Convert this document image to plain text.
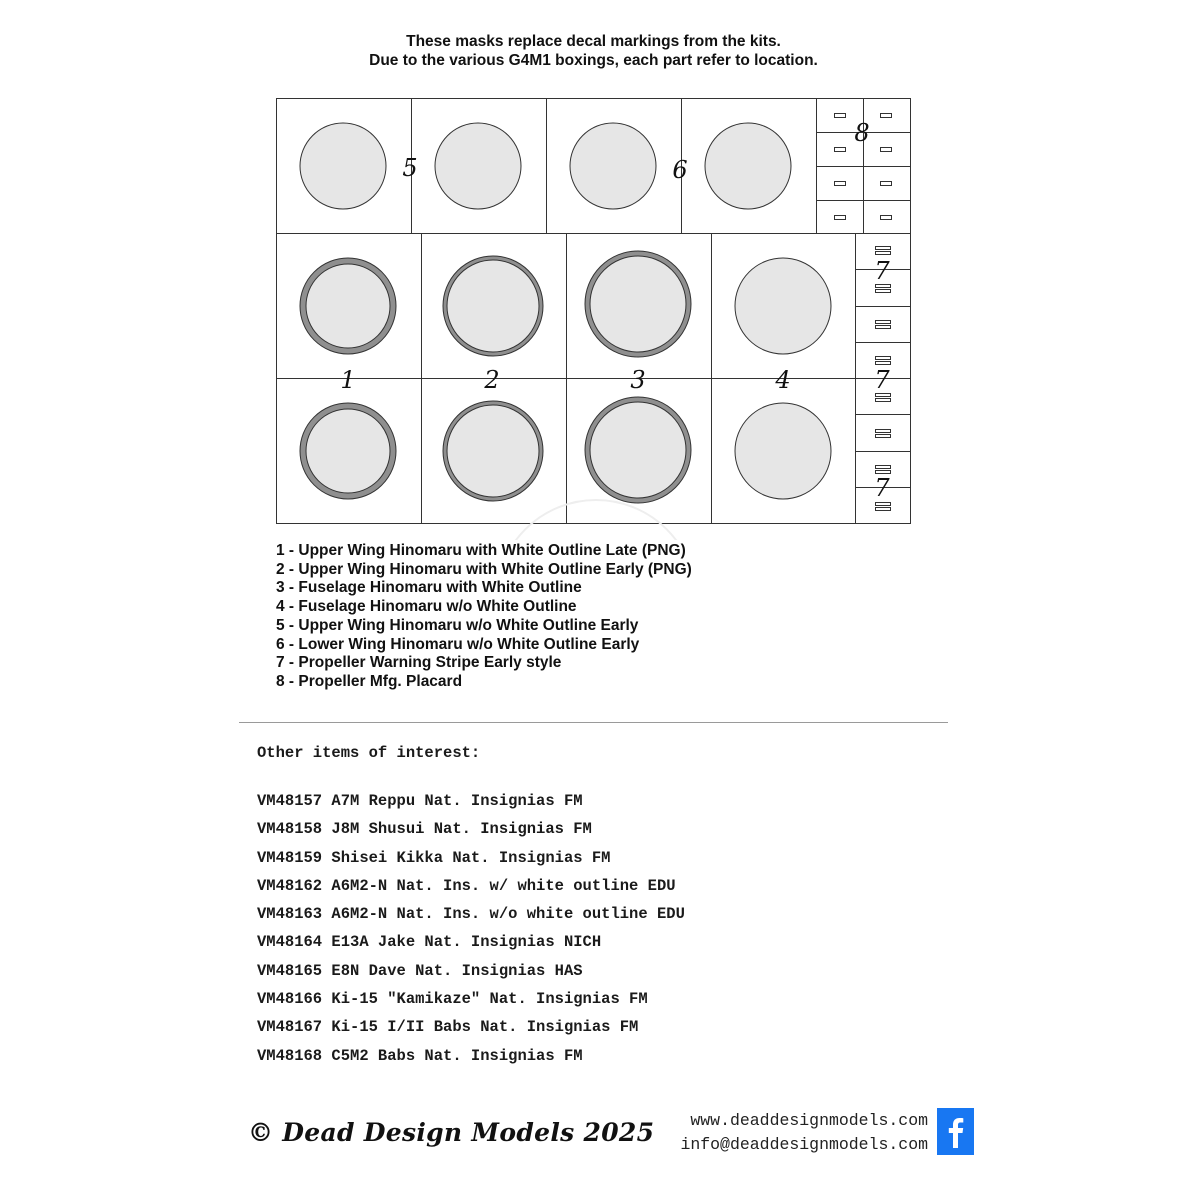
These masks replace decal markings from the kits.
Due to the various G4M1 boxings, each part refer to location.
5	6
8
7
1	2	3	4	7
7
1 - Upper Wing Hinomaru with White Outline Late (PNG)
2 - Upper Wing Hinomaru with White Outline Early (PNG)
3 - Fuselage Hinomaru with White Outline
4 - Fuselage Hinomaru w/o White Outline
5 - Upper Wing Hinomaru w/o White Outline Early
6 - Lower Wing Hinomaru w/o White Outline Early
7 - Propeller Warning Stripe Early style
8 - Propeller Mfg. Placard
Other items of interest:
VM48157 A7M Reppu Nat. Insignias FM
VM48158 J8M Shusui Nat. Insignias FM
VM48159 Shisei Kikka Nat. Insignias FM
VM48162 A6M2-N Nat. Ins. w/ white outline EDU
VM48163 A6M2-N Nat. Ins. w/o white outline EDU
VM48164 E13A Jake Nat. Insignias NICH
VM48165 E8N Dave Nat. Insignias HAS
VM48166 Ki-15 "Kamikaze" Nat. Insignias FM
VM48167 Ki-15 I/II Babs Nat. Insignias FM
VM48168 C5M2 Babs Nat. Insignias FM
© Dead Design Models 2025	www.deaddesignmodels.com
info@deaddesignmodels.com
